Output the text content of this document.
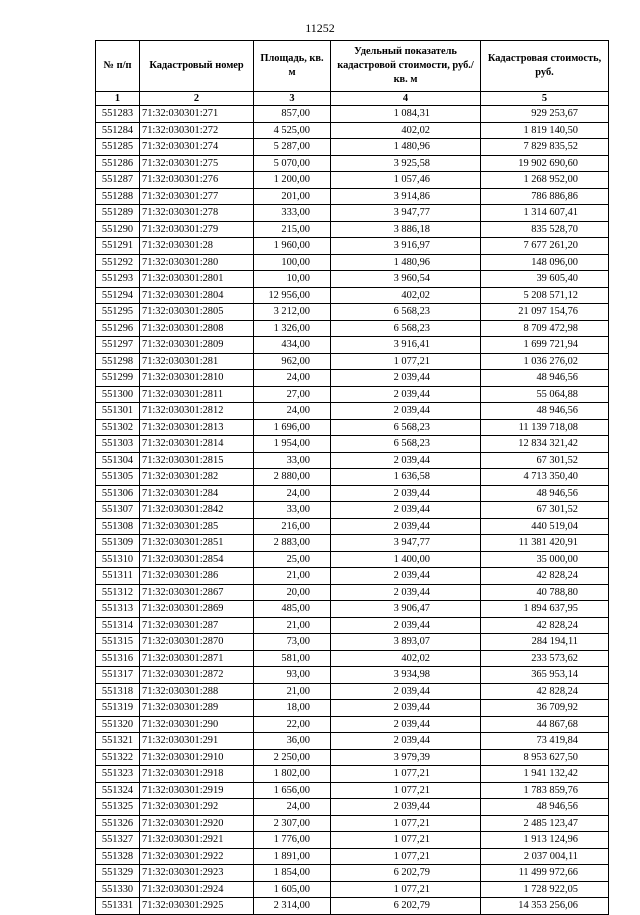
11252
№ п/п	Кадастровый номер	Площадь, кв. м	Удельный показатель кадастровой стоимости, руб./кв. м	Кадастровая стоимость, руб.
1	2	3	4	5
551283	71:32:030301:271	857,00	1 084,31	929 253,67
551284	71:32:030301:272	4 525,00	402,02	1 819 140,50
551285	71:32:030301:274	5 287,00	1 480,96	7 829 835,52
551286	71:32:030301:275	5 070,00	3 925,58	19 902 690,60
551287	71:32:030301:276	1 200,00	1 057,46	1 268 952,00
551288	71:32:030301:277	201,00	3 914,86	786 886,86
551289	71:32:030301:278	333,00	3 947,77	1 314 607,41
551290	71:32:030301:279	215,00	3 886,18	835 528,70
551291	71:32:030301:28	1 960,00	3 916,97	7 677 261,20
551292	71:32:030301:280	100,00	1 480,96	148 096,00
551293	71:32:030301:2801	10,00	3 960,54	39 605,40
551294	71:32:030301:2804	12 956,00	402,02	5 208 571,12
551295	71:32:030301:2805	3 212,00	6 568,23	21 097 154,76
551296	71:32:030301:2808	1 326,00	6 568,23	8 709 472,98
551297	71:32:030301:2809	434,00	3 916,41	1 699 721,94
551298	71:32:030301:281	962,00	1 077,21	1 036 276,02
551299	71:32:030301:2810	24,00	2 039,44	48 946,56
551300	71:32:030301:2811	27,00	2 039,44	55 064,88
551301	71:32:030301:2812	24,00	2 039,44	48 946,56
551302	71:32:030301:2813	1 696,00	6 568,23	11 139 718,08
551303	71:32:030301:2814	1 954,00	6 568,23	12 834 321,42
551304	71:32:030301:2815	33,00	2 039,44	67 301,52
551305	71:32:030301:282	2 880,00	1 636,58	4 713 350,40
551306	71:32:030301:284	24,00	2 039,44	48 946,56
551307	71:32:030301:2842	33,00	2 039,44	67 301,52
551308	71:32:030301:285	216,00	2 039,44	440 519,04
551309	71:32:030301:2851	2 883,00	3 947,77	11 381 420,91
551310	71:32:030301:2854	25,00	1 400,00	35 000,00
551311	71:32:030301:286	21,00	2 039,44	42 828,24
551312	71:32:030301:2867	20,00	2 039,44	40 788,80
551313	71:32:030301:2869	485,00	3 906,47	1 894 637,95
551314	71:32:030301:287	21,00	2 039,44	42 828,24
551315	71:32:030301:2870	73,00	3 893,07	284 194,11
551316	71:32:030301:2871	581,00	402,02	233 573,62
551317	71:32:030301:2872	93,00	3 934,98	365 953,14
551318	71:32:030301:288	21,00	2 039,44	42 828,24
551319	71:32:030301:289	18,00	2 039,44	36 709,92
551320	71:32:030301:290	22,00	2 039,44	44 867,68
551321	71:32:030301:291	36,00	2 039,44	73 419,84
551322	71:32:030301:2910	2 250,00	3 979,39	8 953 627,50
551323	71:32:030301:2918	1 802,00	1 077,21	1 941 132,42
551324	71:32:030301:2919	1 656,00	1 077,21	1 783 859,76
551325	71:32:030301:292	24,00	2 039,44	48 946,56
551326	71:32:030301:2920	2 307,00	1 077,21	2 485 123,47
551327	71:32:030301:2921	1 776,00	1 077,21	1 913 124,96
551328	71:32:030301:2922	1 891,00	1 077,21	2 037 004,11
551329	71:32:030301:2923	1 854,00	6 202,79	11 499 972,66
551330	71:32:030301:2924	1 605,00	1 077,21	1 728 922,05
551331	71:32:030301:2925	2 314,00	6 202,79	14 353 256,06
